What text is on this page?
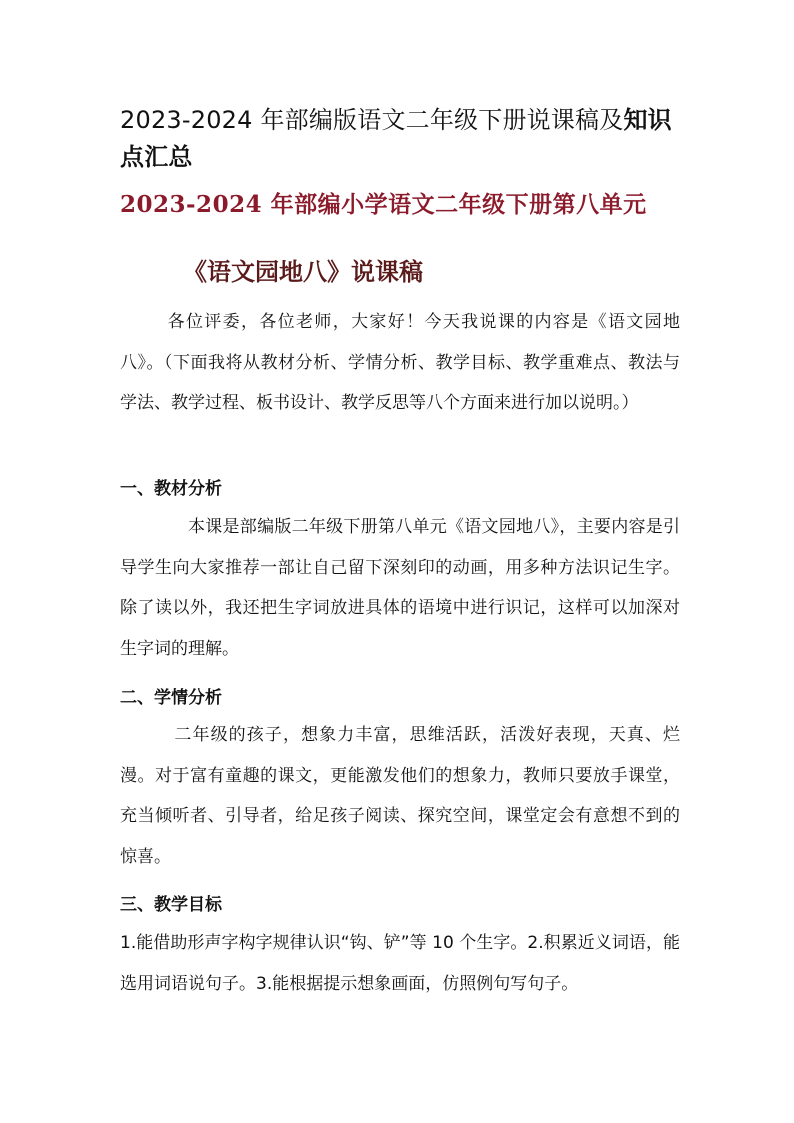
2023-2024 年部编版语文二年级下册说课稿及知识点汇总
2023-2024 年部编小学语文二年级下册第八单元
《语文园地八》说课稿

各位评委，各位老师，大家好！今天我说课的内容是《语文园地八》。（下面我将从教材分析、学情分析、教学目标、教学重难点、教法与学法、教学过程、板书设计、教学反思等八个方面来进行加以说明。）

一、教材分析

本课是部编版二年级下册第八单元《语文园地八》，主要内容是引导学生向大家推荐一部让自己留下深刻印的动画，用多种方法识记生字。除了读以外，我还把生字词放进具体的语境中进行识记，这样可以加深对生字词的理解。

二、学情分析

二年级的孩子，想象力丰富，思维活跃，活泼好表现，天真、烂漫。对于富有童趣的课文，更能激发他们的想象力，教师只要放手课堂，充当倾听者、引导者，给足孩子阅读、探究空间，课堂定会有意想不到的惊喜。

三、教学目标

1.能借助形声字构字规律认识“钩、铲”等 10 个生字。2.积累近义词语，能选用词语说句子。3.能根据提示想象画面，仿照例句写句子。
